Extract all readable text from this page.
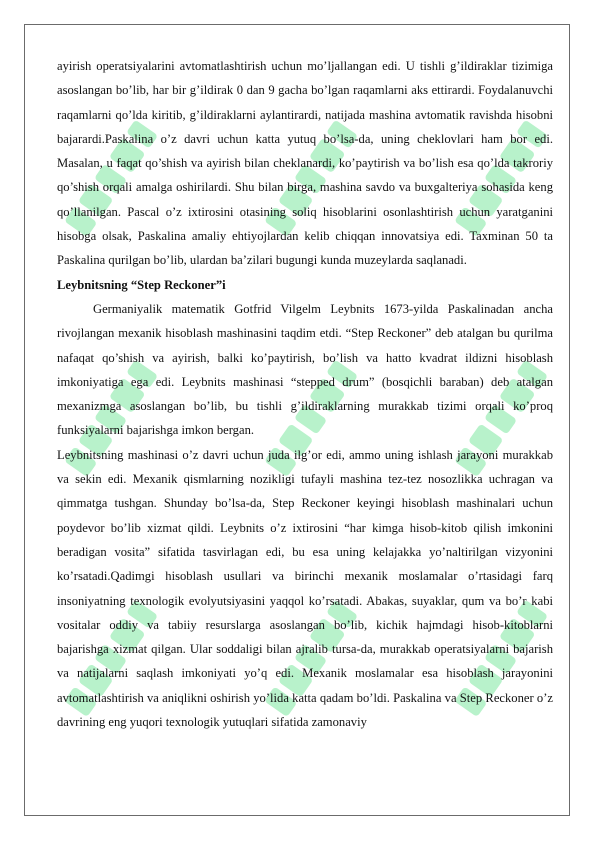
ayirish operatsiyalarini avtomatlashtirish uchun mo’ljallangan edi. U tishli g’ildiraklar tizimiga asoslangan bo’lib, har bir g’ildirak 0 dan 9 gacha bo’lgan raqamlarni aks ettirardi. Foydalanuvchi raqamlarni qo’lda kiritib, g’ildiraklarni aylantirardi, natijada mashina avtomatik ravishda hisobni bajarardi.Paskalina o’z davri uchun katta yutuq bo’lsa-da, uning cheklovlari ham bor edi. Masalan, u faqat qo’shish va ayirish bilan cheklanardi, ko’paytirish va bo’lish esa qo’lda takroriy qo’shish orqali amalga oshirilardi. Shu bilan birga, mashina savdo va buxgalteriya sohasida keng qo’llanilgan. Pascal o’z ixtirosini otasining soliq hisoblarini osonlashtirish uchun yaratganini hisobga olsak, Paskalina amaliy ehtiyojlardan kelib chiqqan innovatsiya edi. Taxminan 50 ta Paskalina qurilgan bo’lib, ulardan ba’zilari bugungi kunda muzeylarda saqlanadi.

Leybnitsning “Step Reckoner”i

Germaniyalik matematik Gotfrid Vilgelm Leybnits 1673-yilda Paskalinadan ancha rivojlangan mexanik hisoblash mashinasini taqdim etdi. “Step Reckoner” deb atalgan bu qurilma nafaqat qo’shish va ayirish, balki ko’paytirish, bo’lish va hatto kvadrat ildizni hisoblash imkoniyatiga ega edi. Leybnits mashinasi “stepped drum” (bosqichli baraban) deb atalgan mexanizmga asoslangan bo’lib, bu tishli g’ildiraklarning murakkab tizimi orqali ko’proq funksiyalarni bajarishga imkon bergan.

Leybnitsning mashinasi o’z davri uchun juda ilg’or edi, ammo uning ishlash jarayoni murakkab va sekin edi. Mexanik qismlarning nozikligi tufayli mashina tez-tez nosozlikka uchragan va qimmatga tushgan. Shunday bo’lsa-da, Step Reckoner keyingi hisoblash mashinalari uchun poydevor bo’lib xizmat qildi. Leybnits o’z ixtirosini “har kimga hisob-kitob qilish imkonini beradigan vosita” sifatida tasvirlagan edi, bu esa uning kelajakka yo’naltirilgan vizyonini ko’rsatadi.Qadimgi hisoblash usullari va birinchi mexanik moslamalar o’rtasidagi farq insoniyatning texnologik evolyutsiyasini yaqqol ko’rsatadi. Abakas, suyaklar, qum va bo’r kabi vositalar oddiy va tabiiy resurslarga asoslangan bo’lib, kichik hajmdagi hisob-kitoblarni bajarishga xizmat qilgan. Ular soddaligi bilan ajralib tursa-da, murakkab operatsiyalarni bajarish va natijalarni saqlash imkoniyati yo’q edi. Mexanik moslamalar esa hisoblash jarayonini avtomatlashtirish va aniqlikni oshirish yo’lida katta qadam bo’ldi. Paskalina va Step Reckoner o’z davrining eng yuqori texnologik yutuqlari sifatida zamonaviy
